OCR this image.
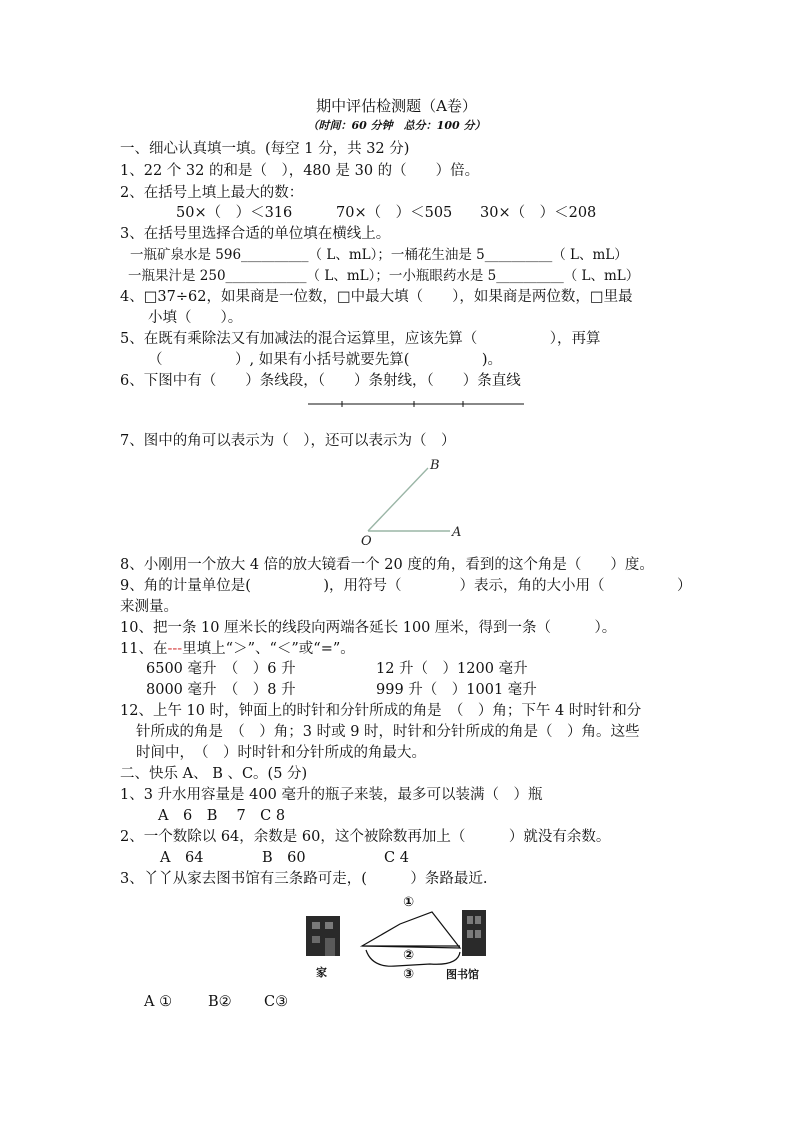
期中评估检测题（A卷）
（时间：60 分钟　总分：100 分）
一、细心认真填一填。(每空 1 分，共 32 分)
1、22 个 32 的和是（　），480 是 30 的（　　）倍。
2、在括号上填上最大的数：
50×（　）＜316	70×（　）＜505 30×（　）＜208
3、在括号里选择合适的单位填在横线上。
一瓶矿泉水是 596__________（ L、mL）；一桶花生油是 5__________（ L、mL）
一瓶果汁是 250____________（ L、mL）；一小瓶眼药水是 5__________（ L、mL）
4、□37÷62，如果商是一位数，□中最大填（　　），如果商是两位数，□里最
小填（　　）。
5、在既有乘除法又有加减法的混合运算里，应该先算（　　　　　），再算
（　　　　　）, 如果有小括号就要先算(　　　　　)。
6、下图中有（　　）条线段，（　　）条射线，（　　）条直线
7、图中的角可以表示为（　），还可以表示为（　）
B
A
O
8、小刚用一个放大 4 倍的放大镜看一个 20 度的角，看到的这个角是（　　）度。
9、角的计量单位是(　　　　　)，用符号（　　　　）表示，角的大小用（　　　　　）
来测量。
10、把一条 10 厘米长的线段向两端各延长 100 厘米，得到一条（　　　）。
11、在---里填上“＞”、“＜”或“=”。
6500 毫升　（　）6 升	12 升（　）1200 毫升
8000 毫升　（　）8 升	999 升（　）1001 毫升
12、上午 10 时，钟面上的时针和分针所成的角是　（　）角；下午 4 时时针和分
针所成的角是　（　）角；3 时或 9 时，时针和分针所成的角是（　）角。这些
时间中，　（　）时时针和分针所成的角最大。
二、快乐 A、 B 、C。(5 分)
1、3 升水用容量是 400 毫升的瓶子来装，最多可以装满（　）瓶
A　6　B　 7　C 8
2、一个数除以 64，余数是 60，这个被除数再加上（　　　）就没有余数。
A　64	B　60	C 4
3、丫丫从家去图书馆有三条路可走，(　　　）条路最近.
①
②
③
家	图书馆
A ① B② C③
